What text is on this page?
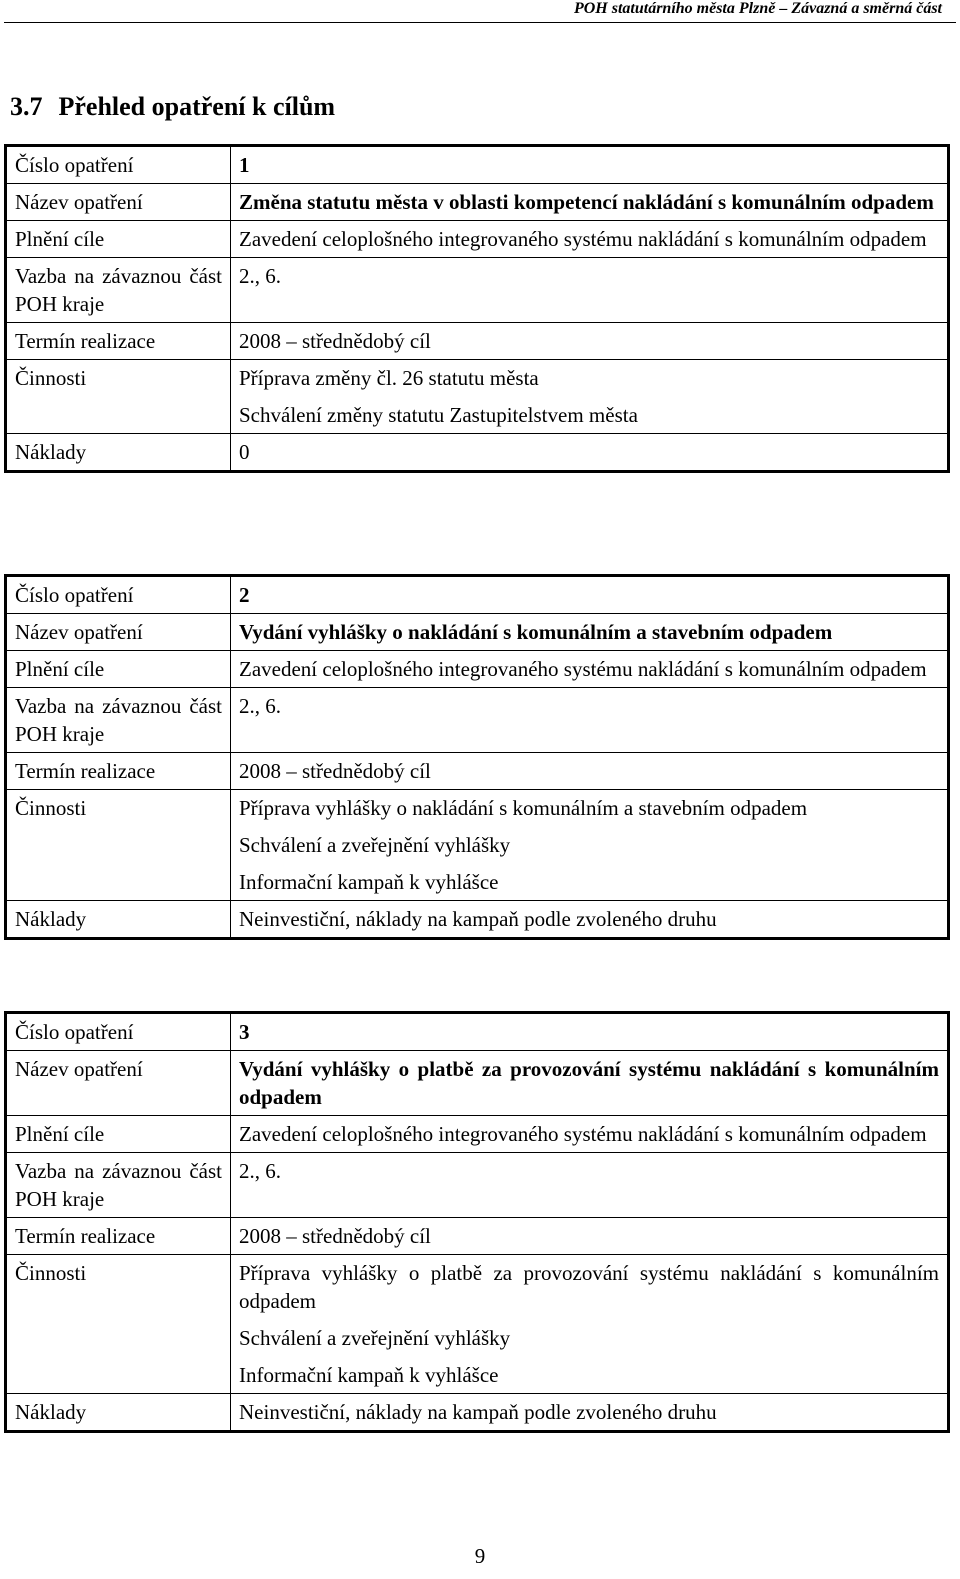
POH statutárního města Plzně – Závazná a směrná část
3.7 Přehled opatření k cílům
Číslo opatření	1
Název opatření	Změna statutu města v oblasti kompetencí nakládání s komunálním odpadem
Plnění cíle	Zavedení celoplošného integrovaného systému nakládání s komunálním odpadem
Vazba na závaznou část POH kraje	2., 6.
Termín realizace	2008 – střednědobý cíl
Činnosti	Příprava změny čl. 26 statutu města
Schválení změny statutu Zastupitelstvem města

Náklady	0
Číslo opatření	2
Název opatření	Vydání vyhlášky o nakládání s komunálním a stavebním odpadem
Plnění cíle	Zavedení celoplošného integrovaného systému nakládání s komunálním odpadem
Vazba na závaznou část POH kraje	2., 6.
Termín realizace	2008 – střednědobý cíl
Činnosti	Příprava vyhlášky o nakládání s komunálním a stavebním odpadem
Schválení a zveřejnění vyhlášky
Informační kampaň k vyhlášce

Náklady	Neinvestiční, náklady na kampaň podle zvoleného druhu
Číslo opatření	3
Název opatření	Vydání vyhlášky o platbě za provozování systému nakládání s komunálním odpadem
Plnění cíle	Zavedení celoplošného integrovaného systému nakládání s komunálním odpadem
Vazba na závaznou část POH kraje	2., 6.
Termín realizace	2008 – střednědobý cíl
Činnosti	Příprava vyhlášky o platbě za provozování systému nakládání s komunálním odpadem
Schválení a zveřejnění vyhlášky
Informační kampaň k vyhlášce

Náklady	Neinvestiční, náklady na kampaň podle zvoleného druhu
9
